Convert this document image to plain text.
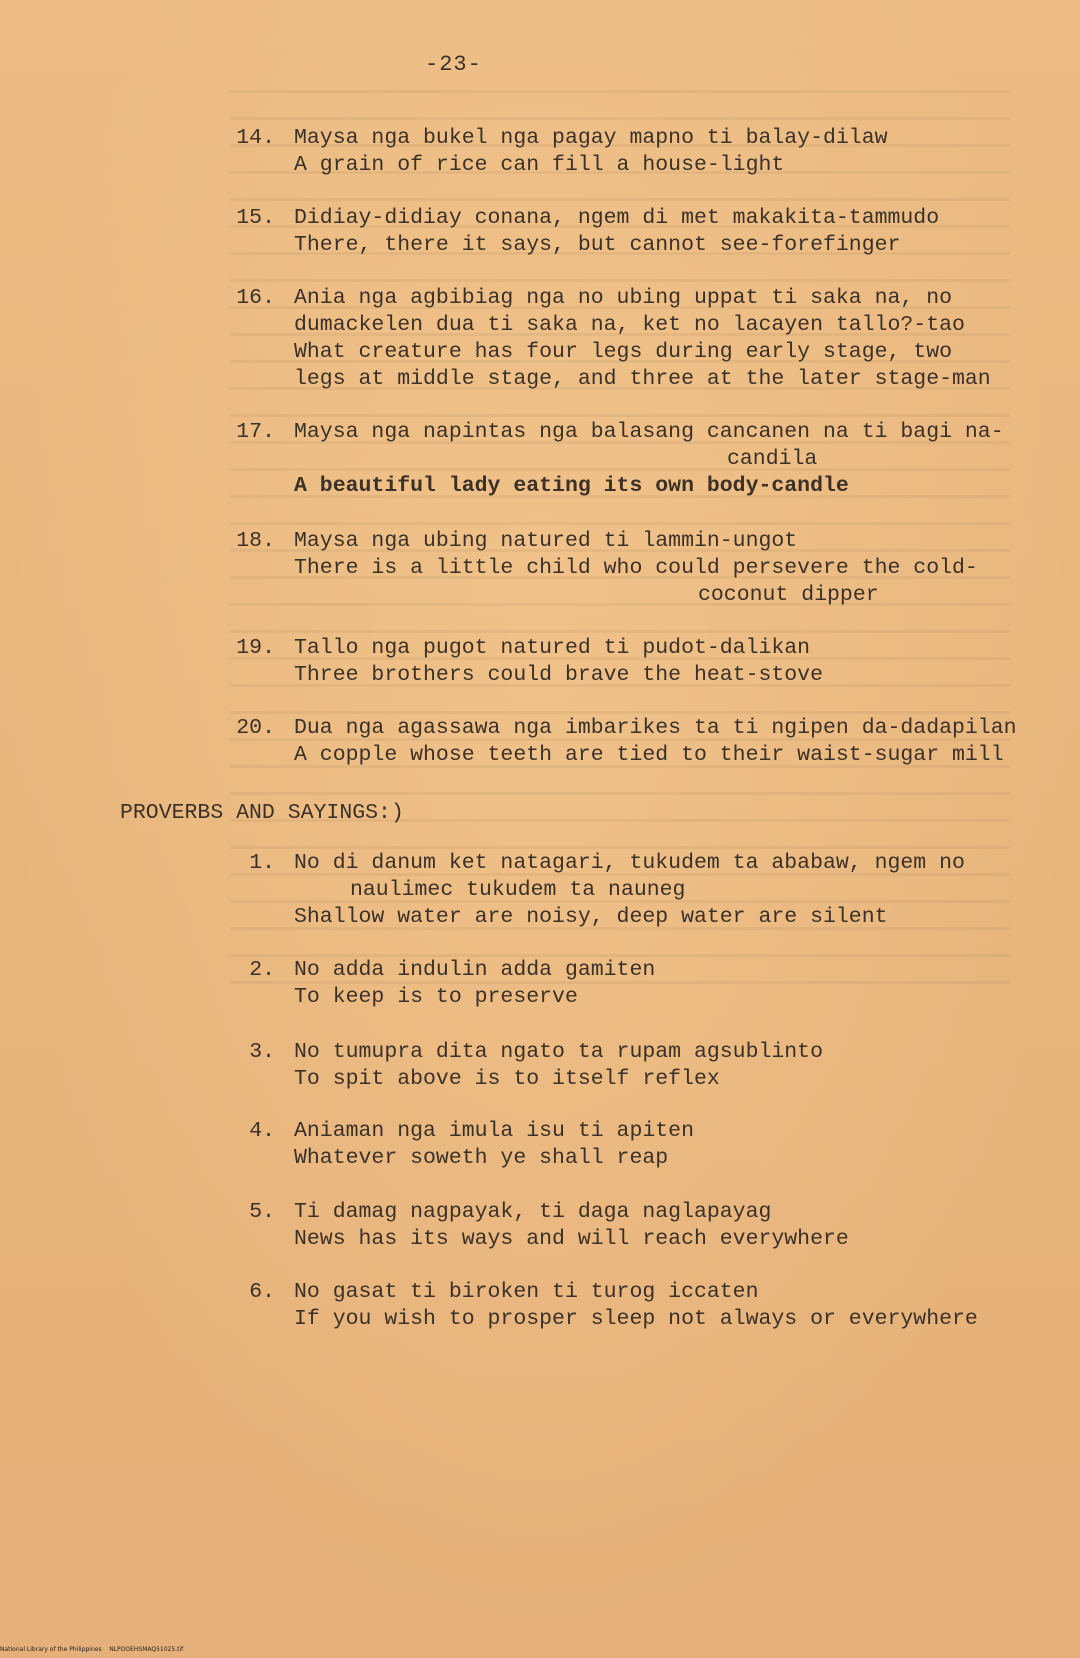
-23-

14.

Maysa nga bukel nga pagay mapno ti balay-dilaw

A grain of rice can fill a house-light

15.

Didiay-didiay conana, ngem di met makakita-tammudo

There, there it says, but cannot see-forefinger

16.

Ania nga agbibiag nga no ubing uppat ti saka na, no

dumackelen dua ti saka na, ket no lacayen tallo?-tao

What creature has four legs during early stage, two

legs at middle stage, and three at the later stage-man

17.

Maysa nga napintas nga balasang cancanen na ti bagi na-

candila

A beautiful lady eating its own body-candle

18.

Maysa nga ubing natured ti lammin-ungot

There is a little child who could persevere the cold-

coconut dipper

19.

Tallo nga pugot natured ti pudot-dalikan

Three brothers could brave the heat-stove

20.

Dua nga agassawa nga imbarikes ta ti ngipen da-dadapilan

A copple whose teeth are tied to their waist-sugar mill

PROVERBS AND SAYINGS:)

1.

No di danum ket natagari, tukudem ta ababaw, ngem no

naulimec tukudem ta nauneg

Shallow water are noisy, deep water are silent

2.

No adda indulin adda gamiten

To keep is to preserve

3.

No tumupra dita ngato ta rupam agsublinto

To spit above is to itself reflex

4.

Aniaman nga imula isu ti apiten

Whatever soweth ye shall reap

5.

Ti damag nagpayak, ti daga naglapayag

News has its ways and will reach everywhere

6.

No gasat ti biroken ti turog iccaten

If you wish to prosper sleep not always or everywhere

National Library of the Philippines    NLPOOEHSMAQ51025.tif
